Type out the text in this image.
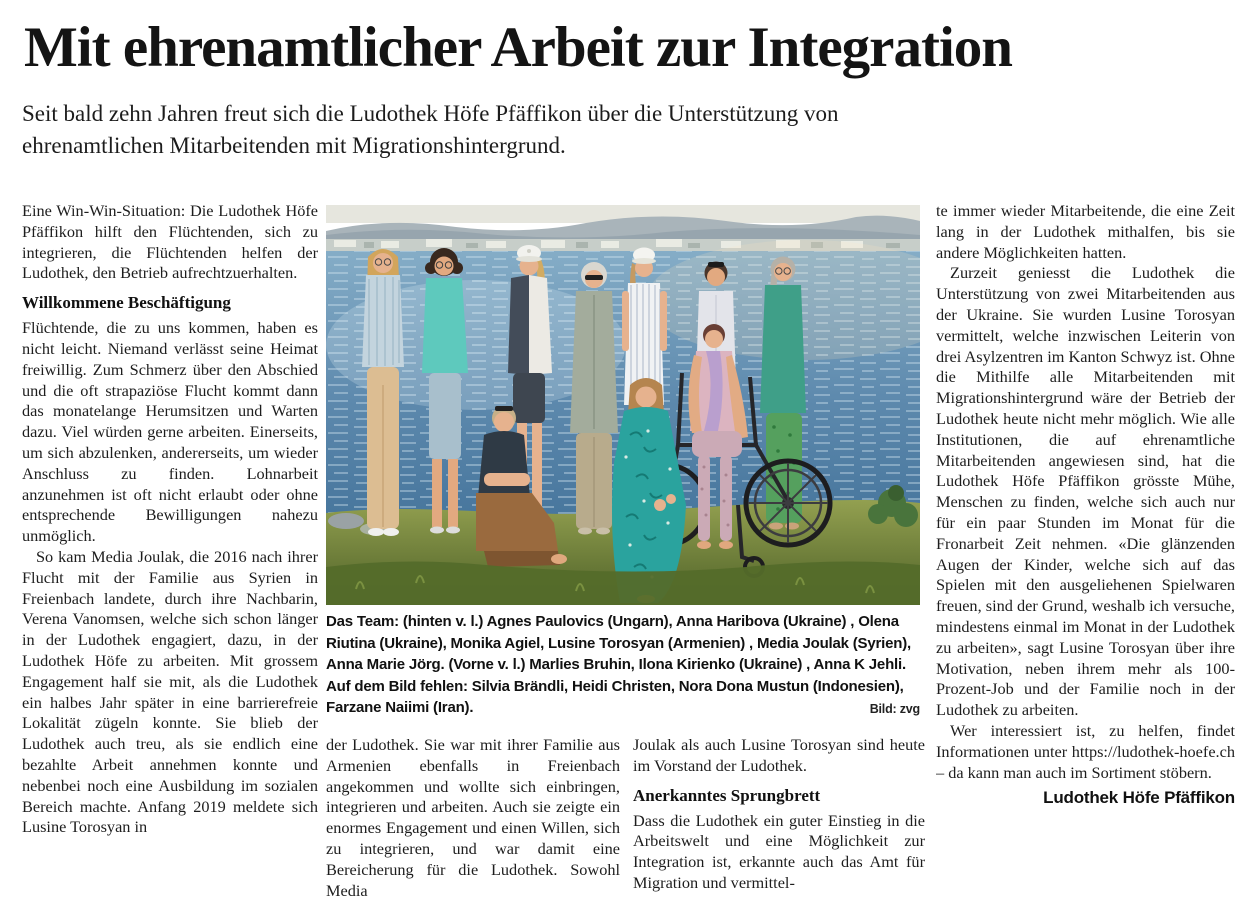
Mit ehrenamtlicher Arbeit zur Integration

Seit bald zehn Jahren freut sich die Ludothek Höfe Pfäffikon über die Unterstützung von ehrenamtlichen Mitarbeitenden mit Migrationshintergrund.

Eine Win-Win-Situation: Die Ludothek Höfe Pfäffikon hilft den Flüchtenden, sich zu integrieren, die Flüchtenden helfen der Ludothek, den Betrieb aufrechtzuerhalten.

Willkommene Beschäftigung

Flüchtende, die zu uns kommen, haben es nicht leicht. Niemand verlässt seine Heimat freiwillig. Zum Schmerz über den Abschied und die oft strapaziöse Flucht kommt dann das monatelange Herumsitzen und Warten dazu. Viel würden gerne arbeiten. Einerseits, um sich abzulenken, andererseits, um wieder Anschluss zu finden. Lohnarbeit anzunehmen ist oft nicht erlaubt oder ohne entsprechende Bewilligungen nahezu unmöglich.

So kam Media Joulak, die 2016 nach ihrer Flucht mit der Familie aus Syrien in Freienbach landete, durch ihre Nachbarin, Verena Vanomsen, welche sich schon länger in der Ludothek engagiert, dazu, in der Ludothek Höfe zu arbeiten. Mit grossem Engagement half sie mit, als die Ludothek ein halbes Jahr später in eine barrierefreie Lokalität zügeln konnte. Sie blieb der Ludothek auch treu, als sie endlich eine bezahlte Arbeit annehmen konnte und nebenbei noch eine Ausbildung im sozialen Bereich machte. Anfang 2019 meldete sich Lusine Torosyan in

Das Team: (hinten v. l.) Agnes Paulovics (Ungarn), Anna Haribova (Ukraine) , Olena Riutina (Ukraine), Monika Agiel, Lusine Torosyan (Armenien) , Media Joulak (Syrien), Anna Marie Jörg. (Vorne v. l.) Marlies Bruhin, Ilona Kirienko (Ukraine) , Anna K Jehli. Auf dem Bild fehlen: Silvia Brändli, Heidi Christen, Nora Dona Mustun (Indonesien), Farzane Naiimi (Iran).	Bild: zvg

der Ludothek. Sie war mit ihrer Familie aus Armenien ebenfalls in Freienbach angekommen und wollte sich einbringen, integrieren und arbeiten. Auch sie zeigte ein enormes Engagement und einen Willen, sich zu integrieren, und war damit eine Bereicherung für die Ludothek. Sowohl Media

Joulak als auch Lusine Torosyan sind heute im Vorstand der Ludothek.

Anerkanntes Sprungbrett

Dass die Ludothek ein guter Einstieg in die Arbeitswelt und eine Möglichkeit zur Integration ist, erkannte auch das Amt für Migration und vermittel-

te immer wieder Mitarbeitende, die eine Zeit lang in der Ludothek mithalfen, bis sie andere Möglichkeiten hatten.

Zurzeit geniesst die Ludothek die Unterstützung von zwei Mitarbeitenden aus der Ukraine. Sie wurden Lusine Torosyan vermittelt, welche inzwischen Leiterin von drei Asylzentren im Kanton Schwyz ist. Ohne die Mithilfe alle Mitarbeitenden mit Migrationshintergrund wäre der Betrieb der Ludothek heute nicht mehr möglich. Wie alle Institutionen, die auf ehrenamtliche Mitarbeitenden angewiesen sind, hat die Ludothek Höfe Pfäffikon grösste Mühe, Menschen zu finden, welche sich auch nur für ein paar Stunden im Monat für die Fronarbeit Zeit nehmen. «Die glänzenden Augen der Kinder, welche sich auf das Spielen mit den ausgeliehenen Spielwaren freuen, sind der Grund, weshalb ich versuche, mindestens einmal im Monat in der Ludothek zu arbeiten», sagt Lusine Torosyan über ihre Motivation, neben ihrem mehr als 100-Prozent-Job und der Familie noch in der Ludothek zu arbeiten.

Wer interessiert ist, zu helfen, findet Informationen unter https://ludothek-hoefe.ch – da kann man auch im Sortiment stöbern.

Ludothek Höfe Pfäffikon
